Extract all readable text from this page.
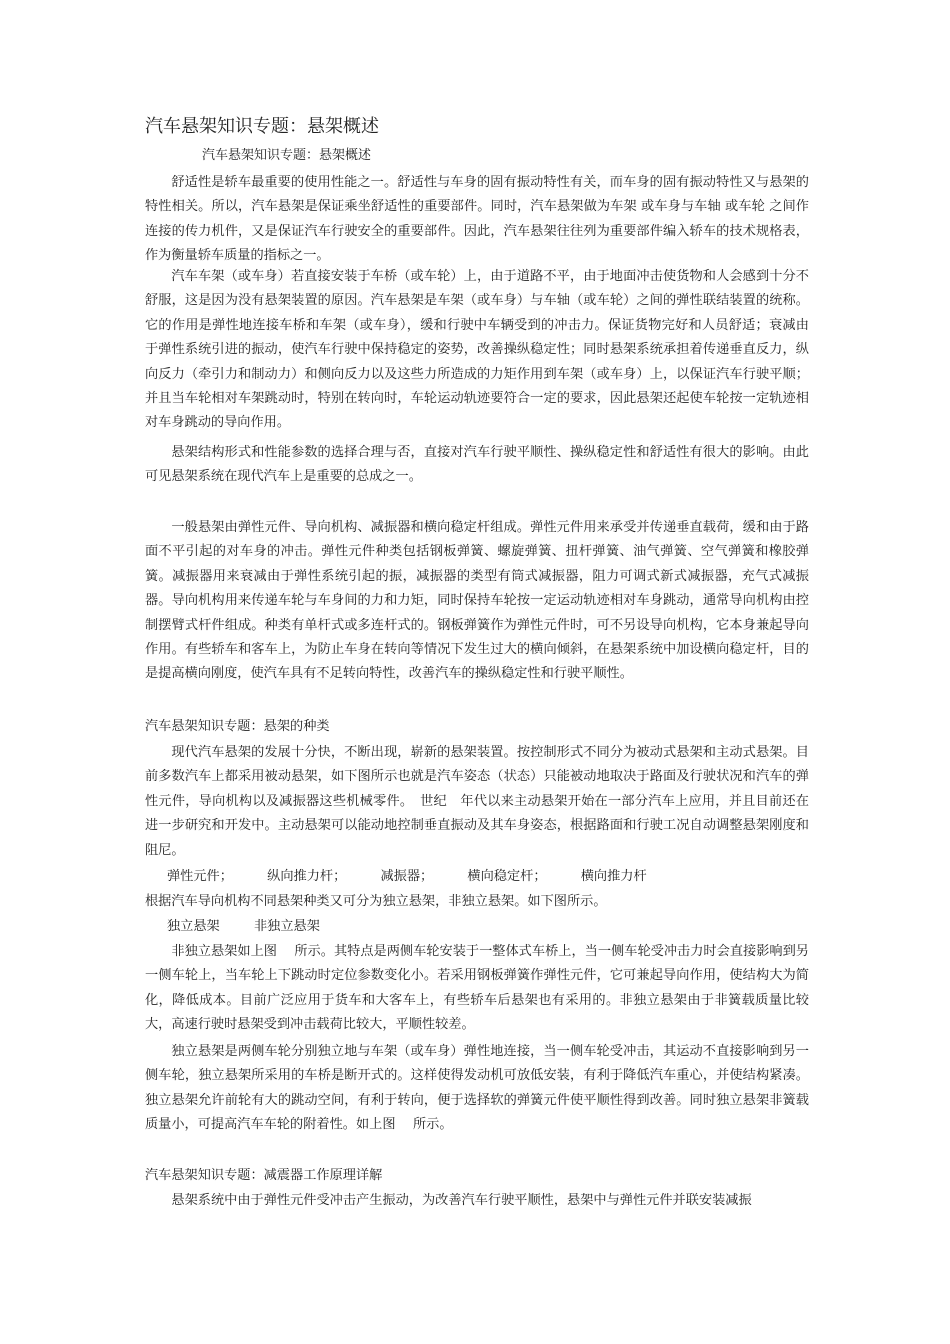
汽车悬架知识专题：悬架概述
汽车悬架知识专题：悬架概述

舒适性是轿车最重要的使用性能之一。舒适性与车身的固有振动特性有关，而车身的固有振动特性又与悬架的特性相关。所以，汽车悬架是保证乘坐舒适性的重要部件。同时，汽车悬架做为车架 或车身与车轴 或车轮 之间作连接的传力机件，又是保证汽车行驶安全的重要部件。因此，汽车悬架往往列为重要部件编入轿车的技术规格表，作为衡量轿车质量的指标之一。

汽车车架（或车身）若直接安装于车桥（或车轮）上，由于道路不平，由于地面冲击使货物和人会感到十分不舒服，这是因为没有悬架装置的原因。汽车悬架是车架（或车身）与车轴（或车轮）之间的弹性联结装置的统称。它的作用是弹性地连接车桥和车架（或车身），缓和行驶中车辆受到的冲击力。保证货物完好和人员舒适；衰减由于弹性系统引进的振动，使汽车行驶中保持稳定的姿势，改善操纵稳定性；同时悬架系统承担着传递垂直反力，纵向反力（牵引力和制动力）和侧向反力以及这些力所造成的力矩作用到车架（或车身）上，以保证汽车行驶平顺；并且当车轮相对车架跳动时，特别在转向时，车轮运动轨迹要符合一定的要求，因此悬架还起使车轮按一定轨迹相对车身跳动的导向作用。

悬架结构形式和性能参数的选择合理与否，直接对汽车行驶平顺性、操纵稳定性和舒适性有很大的影响。由此可见悬架系统在现代汽车上是重要的总成之一。

一般悬架由弹性元件、导向机构、减振器和横向稳定杆组成。弹性元件用来承受并传递垂直载荷，缓和由于路面不平引起的对车身的冲击。弹性元件种类包括钢板弹簧、螺旋弹簧、扭杆弹簧、油气弹簧、空气弹簧和橡胶弹簧。减振器用来衰减由于弹性系统引起的振，减振器的类型有筒式减振器，阻力可调式新式减振器，充气式减振器。导向机构用来传递车轮与车身间的力和力矩，同时保持车轮按一定运动轨迹相对车身跳动，通常导向机构由控制摆臂式杆件组成。种类有单杆式或多连杆式的。钢板弹簧作为弹性元件时，可不另设导向机构，它本身兼起导向作用。有些轿车和客车上，为防止车身在转向等情况下发生过大的横向倾斜，在悬架系统中加设横向稳定杆，目的是提高横向刚度，使汽车具有不足转向特性，改善汽车的操纵稳定性和行驶平顺性。

汽车悬架知识专题：悬架的种类

现代汽车悬架的发展十分快，不断出现，崭新的悬架装置。按控制形式不同分为被动式悬架和主动式悬架。目前多数汽车上都采用被动悬架，如下图所示也就是汽车姿态（状态）只能被动地取决于路面及行驶状况和汽车的弹性元件，导向机构以及减振器这些机械零件。　世纪　年代以来主动悬架开始在一部分汽车上应用，并且目前还在进一步研究和开发中。主动悬架可以能动地控制垂直振动及其车身姿态，根据路面和行驶工况自动调整悬架刚度和阻尼。

弹性元件；	纵向推力杆；	减振器；	横向稳定杆；	横向推力杆
根据汽车导向机构不同悬架种类又可分为独立悬架，非独立悬架。如下图所示。
独立悬架	非独立悬架

非独立悬架如上图　 所示。其特点是两侧车轮安装于一整体式车桥上，当一侧车轮受冲击力时会直接影响到另一侧车轮上，当车轮上下跳动时定位参数变化小。若采用钢板弹簧作弹性元件，它可兼起导向作用，使结构大为简化，降低成本。目前广泛应用于货车和大客车上，有些轿车后悬架也有采用的。非独立悬架由于非簧载质量比较大，高速行驶时悬架受到冲击载荷比较大，平顺性较差。

独立悬架是两侧车轮分别独立地与车架（或车身）弹性地连接，当一侧车轮受冲击，其运动不直接影响到另一侧车轮，独立悬架所采用的车桥是断开式的。这样使得发动机可放低安装，有利于降低汽车重心，并使结构紧凑。独立悬架允许前轮有大的跳动空间，有利于转向，便于选择软的弹簧元件使平顺性得到改善。同时独立悬架非簧载质量小，可提高汽车车轮的附着性。如上图　 所示。

汽车悬架知识专题：减震器工作原理详解

悬架系统中由于弹性元件受冲击产生振动，为改善汽车行驶平顺性，悬架中与弹性元件并联安装减振
